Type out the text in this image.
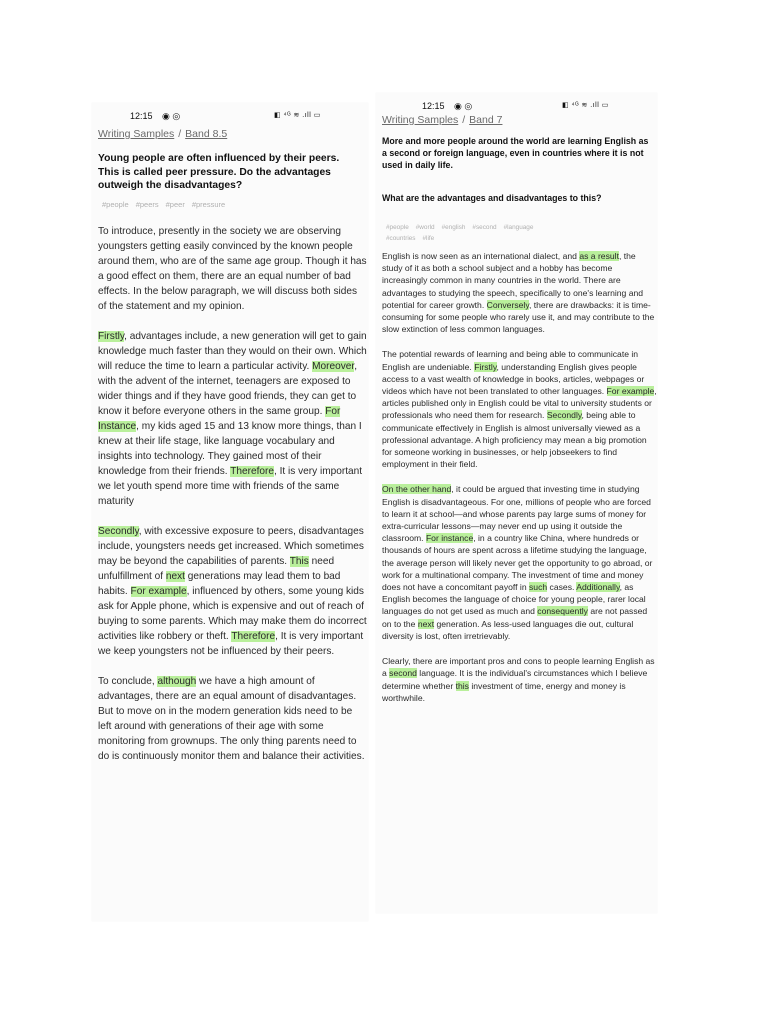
12:15 ◉ ◎	◧ ⁴ᴳ ≋ .ıll ▭
Writing Samples / Band 8.5
Young people are often influenced by their peers. This is called peer pressure. Do the advantages outweigh the disadvantages?
#people #peers #peer #pressure

To introduce, presently in the society we are observing youngsters getting easily convinced by the known people around them, who are of the same age group. Though it has a good effect on them, there are an equal number of bad effects. In the below paragraph, we will discuss both sides of the statement and my opinion.

Firstly, advantages include, a new generation will get to gain knowledge much faster than they would on their own. Which will reduce the time to learn a particular activity. Moreover, with the advent of the internet, teenagers are exposed to wider things and if they have good friends, they can get to know it before everyone others in the same group. For Instance, my kids aged 15 and 13 know more things, than I knew at their life stage, like language vocabulary and insights into technology. They gained most of their knowledge from their friends. Therefore, It is very important we let youth spend more time with friends of the same maturity

Secondly, with excessive exposure to peers, disadvantages include, youngsters needs get increased. Which sometimes may be beyond the capabilities of parents. This need unfulfillment of next generations may lead them to bad habits. For example, influenced by others, some young kids ask for Apple phone, which is expensive and out of reach of buying to some parents. Which may make them do incorrect activities like robbery or theft. Therefore, It is very important we keep youngsters not be influenced by their peers.

To conclude, although we have a high amount of advantages, there are an equal amount of disadvantages. But to move on in the modern generation kids need to be left around with generations of their age with some monitoring from grownups. The only thing parents need to do is continuously monitor them and balance their activities.

12:15 ◉ ◎	◧ ⁴ᴳ ≋ .ıll ▭
Writing Samples / Band 7
More and more people around the world are learning English as a second or foreign language, even in countries where it is not used in daily life.
What are the advantages and disadvantages to this?
#people #world #english #second #language
#countries #life

English is now seen as an international dialect, and as a result, the study of it as both a school subject and a hobby has become increasingly common in many countries in the world. There are advantages to studying the speech, specifically to one's learning and potential for career growth. Conversely, there are drawbacks: it is time-consuming for some people who rarely use it, and may contribute to the slow extinction of less common languages.

The potential rewards of learning and being able to communicate in English are undeniable. Firstly, understanding English gives people access to a vast wealth of knowledge in books, articles, webpages or videos which have not been translated to other languages. For example, articles published only in English could be vital to university students or professionals who need them for research. Secondly, being able to communicate effectively in English is almost universally viewed as a professional advantage. A high proficiency may mean a big promotion for someone working in businesses, or help jobseekers to find employment in their field.

On the other hand, it could be argued that investing time in studying English is disadvantageous. For one, millions of people who are forced to learn it at school—and whose parents pay large sums of money for extra-curricular lessons—may never end up using it outside the classroom. For instance, in a country like China, where hundreds or thousands of hours are spent across a lifetime studying the language, the average person will likely never get the opportunity to go abroad, or work for a multinational company. The investment of time and money does not have a concomitant payoff in such cases. Additionally, as English becomes the language of choice for young people, rarer local languages do not get used as much and consequently are not passed on to the next generation. As less-used languages die out, cultural diversity is lost, often irretrievably.

Clearly, there are important pros and cons to people learning English as a second language. It is the individual's circumstances which I believe determine whether this investment of time, energy and money is worthwhile.
